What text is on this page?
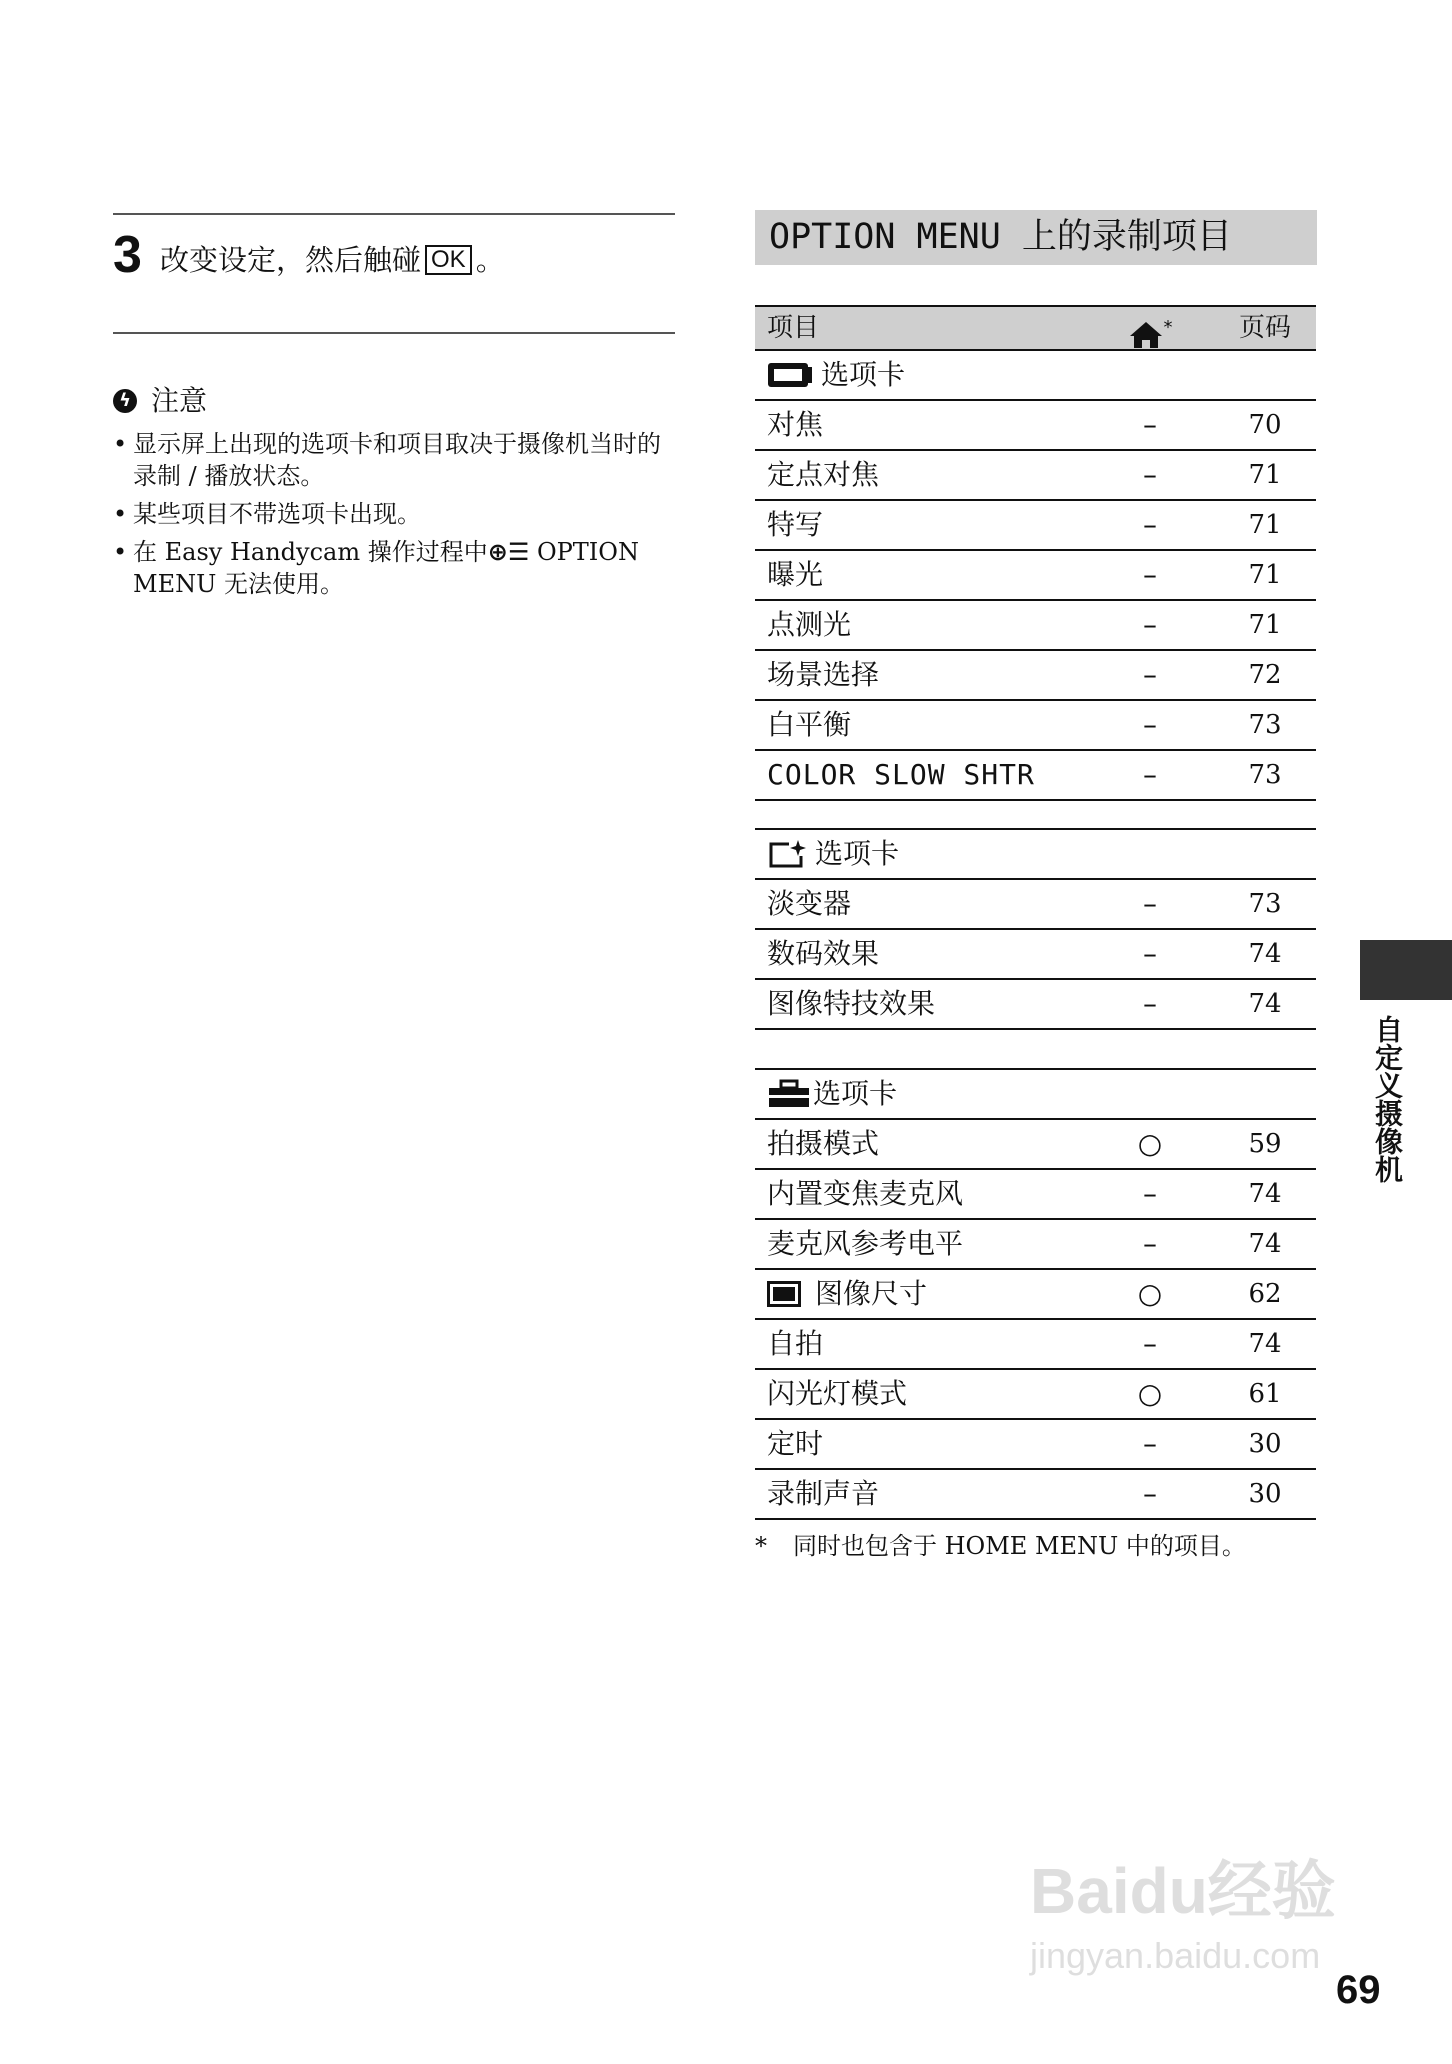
3 改变设定，然后触碰 OK 。
ϟ 注意
• 显示屏上出现的选项卡和项目取决于摄像机当时的录制 / 播放状态。
• 某些项目不带选项卡出现。
• 在 Easy Handycam 操作过程中⊕☰ OPTION MENU 无法使用。
OPTION MENU 上的录制项目
项目	*	页码
选项卡
对焦	–	70
定点对焦	–	71
特写	–	71
曝光	–	71
点测光	–	71
场景选择	–	72
白平衡	–	73
COLOR SLOW SHTR	–	73
选项卡
淡变器	–	73
数码效果	–	74
图像特技效果	–	74
选项卡
拍摄模式	○	59
内置变焦麦克风	–	74
麦克风参考电平	–	74
图像尺寸	○	62
自拍	–	74
闪光灯模式	○	61
定时	–	30
录制声音	–	30
* 同时也包含于 HOME MENU 中的项目。
自定义摄像机
Baidu经验
jingyan.baidu.com
69
